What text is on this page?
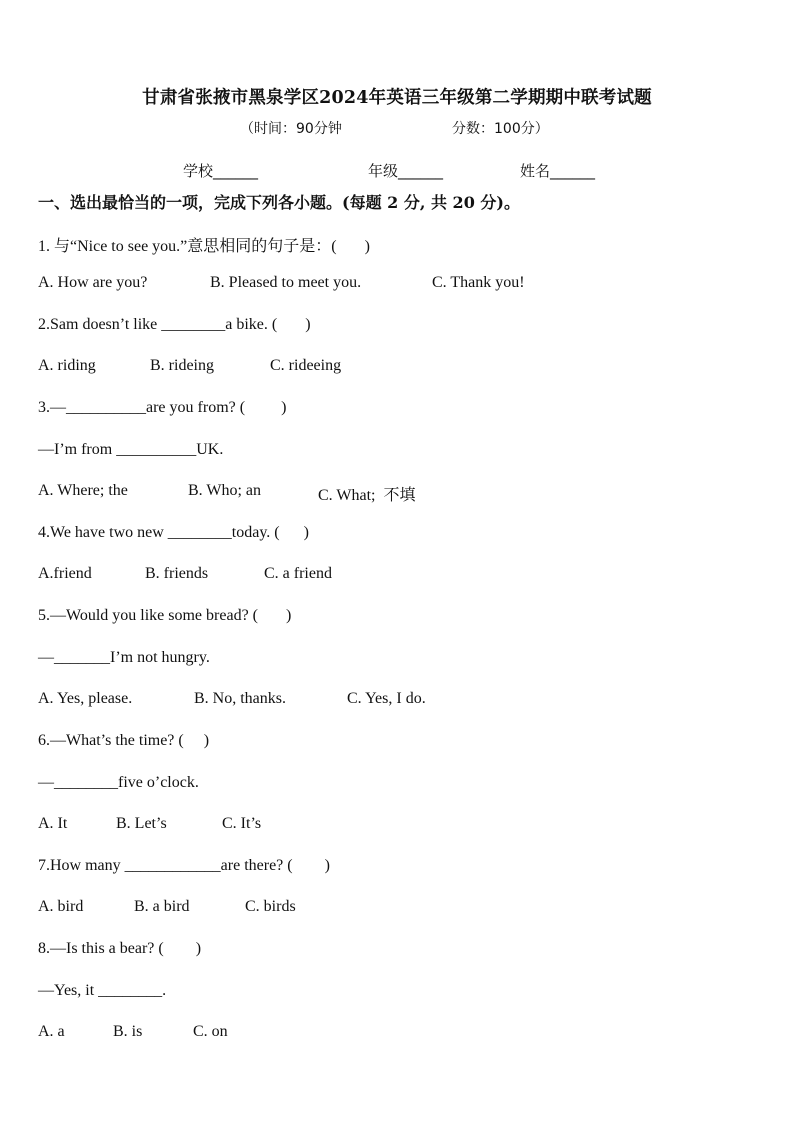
甘肃省张掖市黑泉学区2024年英语三年级第二学期期中联考试题
（时间：90分钟	分数：100分）
学校______	年级______	姓名______
一、选出最恰当的一项，完成下列各小题。(每题 2 分, 共 20 分)。
1. 与“Nice to see you.”意思相同的句子是：(       )
A. How are you?	B. Pleased to meet you.	C. Thank you!
2.Sam doesn’t like ________a bike. (       )
A. riding	B. rideing	C. rideeing
3.—__________are you from? (         )
—I’m from __________UK.
A. Where; the	B. Who; an	C. What;  不填
4.We have two new ________today. (      )
A.friend	B. friends	C. a friend
5.—Would you like some bread? (       )
—_______I’m not hungry.
A. Yes, please.	B. No, thanks.	C. Yes, I do.
6.—What’s the time? (     )
—________five o’clock.
A. It	B. Let’s	C. It’s
7.How many ____________are there? (        )
A. bird	B. a bird	C. birds
8.—Is this a bear? (        )
—Yes, it ________.
A. a	B. is	C. on
